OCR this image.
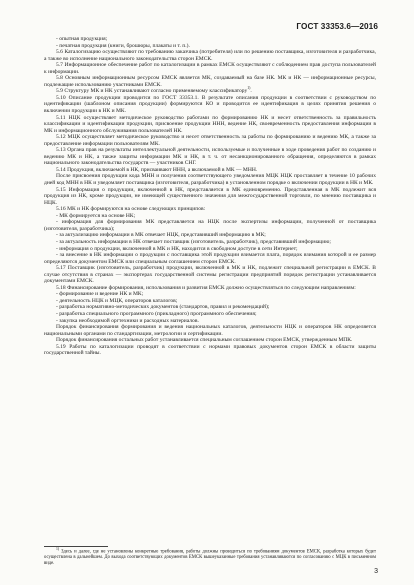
ГОСТ 33353.6—2016

- опытная продукция;

- печатная продукция (книги, брошюры, плакаты и т. п.).

5.6 Каталогизацию осуществляют по требованию заказчика (потребителя) или по решению поставщика, изготовителя и разработчика, а также во исполнение национального законодательства сторон ЕМСК.

5.7 Информационное обеспечение работ по каталогизации в рамках ЕМСК осуществляют с соблюдением прав доступа пользователей к информации.

5.8 Основным информационным ресурсом ЕМСК является МК, создаваемый на базе НК. МК и НК — информационные ресурсы, подлежащие использованию участниками ЕМСК.

5.9 Структуру МК и НК устанавливают согласно применяемому классификатору$^{1)}$.

5.10 Описание продукции проводится по ГОСТ 33353.1. В результате описания продукции в соответствии с руководством по идентификации (шаблоном описания продукции) формируются КО и проводится ее идентификация в целях принятия решения о включении продукции в НК и МК.

5.11 НЦК осуществляет методическое руководство работами по формированию НК и несет ответственность за правильность классификации и идентификации продукции, присвоение продукции ННН, ведение НК, своевременность предоставления информации в МК и информационного обслуживания пользователей НК.

5.12 МЦК осуществляет методическое руководство и несет ответственность за работы по формированию и ведению МК, а также за предоставление информации пользователям МК.

5.13 Органа прав на результаты интеллектуальной деятельности, используемые и полученные в ходе проведения работ по созданию и ведению МК и НК, а также защиты информации МК и НК, в т. ч. от несанкционированного обращения, определяются в рамках национального законодательства государств — участников СНГ.

5.14 Продукция, включаемой в НК, присваивают ННН, а включаемой в МК — МНН.

После присвоения продукции кода МНН и получения соответствующего уведомления МЦК НЦК проставляет в течение 10 рабочих дней код МНН в НК и уведомляет поставщика (изготовителя, разработчика) в установленном порядке о включении продукции в НК и МК.

5.15 Информация о продукции, включенной в НК, представляется в МК единовременно. Представленная в МК подлежит вся продукция из НК, кроме продукции, не имеющей существенного значения для межгосударственной торговли, по мнению поставщика и НЦК.

5.16 МК и НК формируются на основе следующих принципов:

- МК формируется на основе НК;

- информация для формирования МК представляется на НЦК после экспертизы информации, полученной от поставщика (изготовителя, разработчика);

- за актуализацию информации в МК отвечает НЦК, представивший информацию в МК;

- за актуальность информации в НК отвечает поставщик (изготовитель, разработчик), представивший информацию;

- информация о продукции, включенной в МК и НК, находится в свободном доступе в сети Интернет;

- за внесение в НК информации о продукции с поставщика этой продукции взимается плата, порядок взимания которой и ее размер определяются документом ЕМСК или специальным соглашением сторон ЕМСК.

5.17 Поставщик (изготовитель, разработчик) продукции, включенной в МК и НК, подлежит специальной регистрации в ЕМСК. В случае отсутствия в странах — экспортерах государственной системы регистрации предприятий порядок регистрации устанавливается документами ЕМСК.

5.18 Финансирование формирования, использования и развития ЕМСК должно осуществляться по следующим направлениям:

- формирование и ведение НК и МК;

- деятельность НЦК и МЦК, операторов каталогов;

- разработка нормативно-методических документов (стандартов, правил и рекомендаций);

- разработка специального программного (прикладного) программного обеспечения;

- закупка необходимой оргтехники и расходных материалов.

Порядок финансирования формирования и ведения национальных каталогов, деятельности НЦК и операторов НК определяется национальными органами по стандартизации, метрологии и сертификации.

Порядок финансирования остальных работ устанавливается специальным соглашением сторон ЕМСК, утвержденным МПК.

5.19 Работы по каталогизации проводят в соответствии с нормами правовых документов сторон ЕМСК в области защиты государственной тайны.

$^{1)}$ Здесь и далее, где не установлены конкретные требования, работы должны проводиться по требованиям документов ЕМСК, разработка которых будет осуществлена в дальнейшем. До выхода соответствующих документов ЕМСК вышеуказанные требования устанавливаются по согласованию с МЦК в письменном виде.

3
